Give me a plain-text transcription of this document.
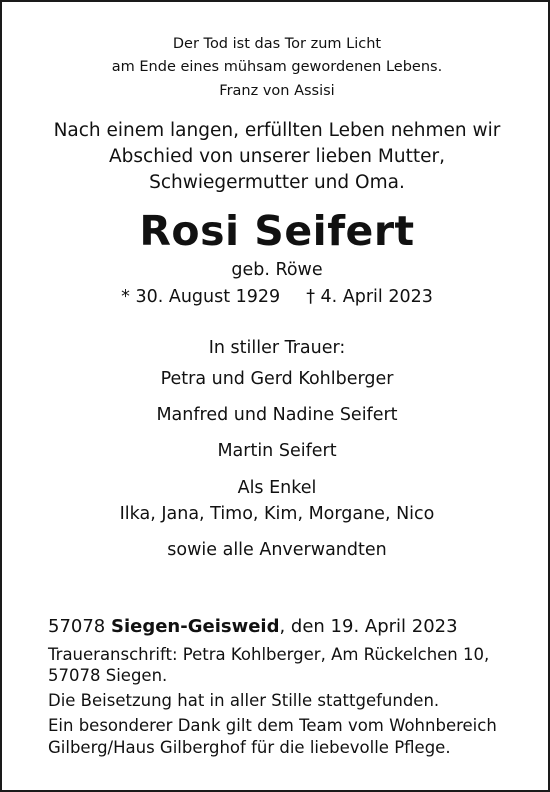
Der Tod ist das Tor zum Licht
am Ende eines mühsam gewordenen Lebens.
Franz von Assisi
Nach einem langen, erfüllten Leben nehmen wir
Abschied von unserer lieben Mutter,
Schwiegermutter und Oma.
Rosi Seifert
geb. Röwe
* 30. August 1929 † 4. April 2023
In stiller Trauer:
Petra und Gerd Kohlberger
Manfred und Nadine Seifert
Martin Seifert
Als Enkel
Ilka, Jana, Timo, Kim, Morgane, Nico
sowie alle Anverwandten
57078 Siegen-Geisweid, den 19. April 2023
Traueranschrift: Petra Kohlberger, Am Rückelchen 10,
57078 Siegen.
Die Beisetzung hat in aller Stille stattgefunden.
Ein besonderer Dank gilt dem Team vom Wohnbereich
Gilberg/Haus Gilberghof für die liebevolle Pflege.
